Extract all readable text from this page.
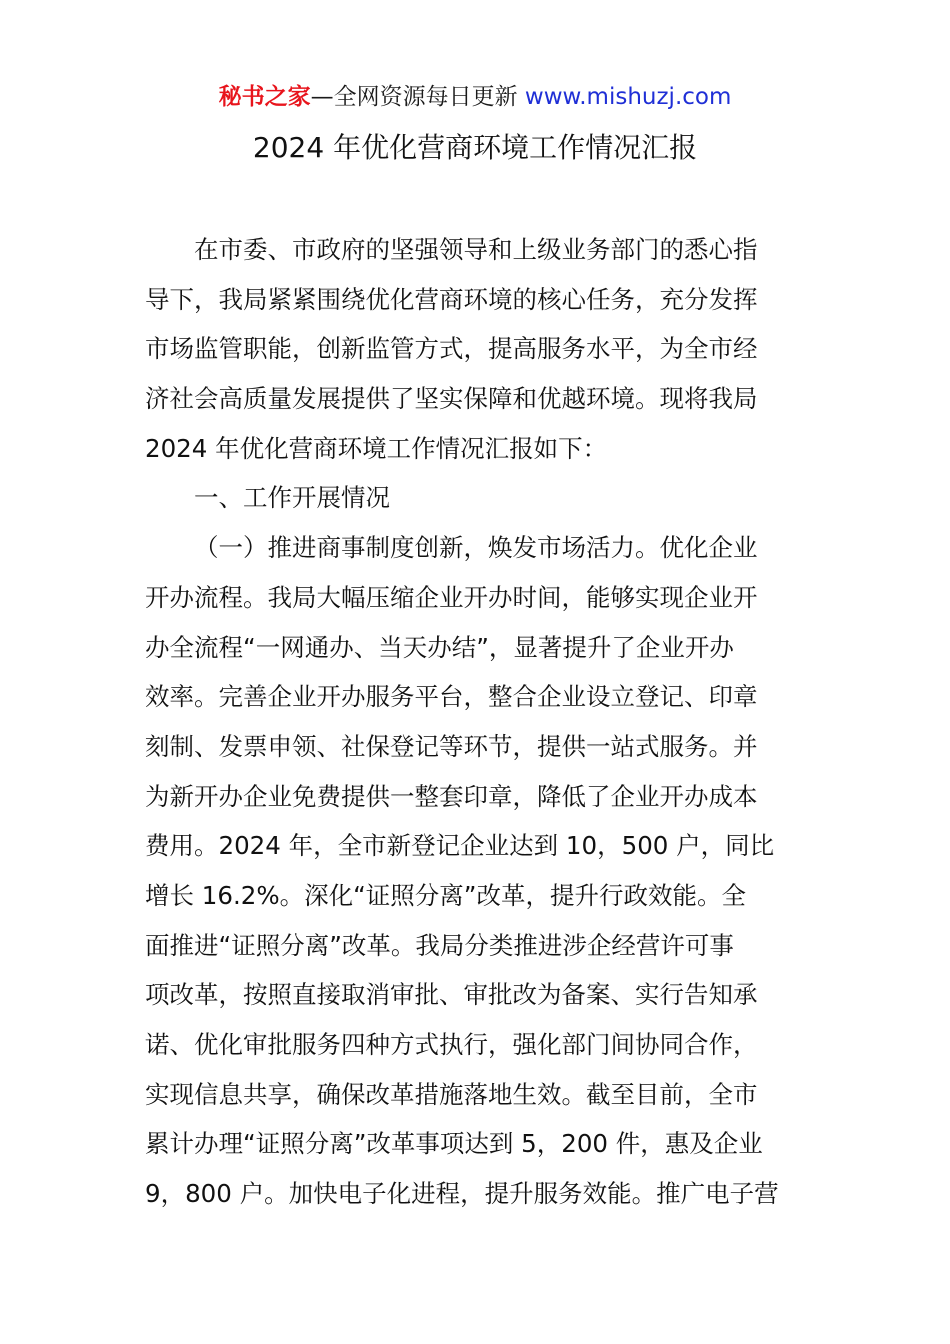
秘书之家—全网资源每日更新 www.mishuzj.com
2024 年优化营商环境工作情况汇报
在市委、市政府的坚强领导和上级业务部门的悉心指
导下，我局紧紧围绕优化营商环境的核心任务，充分发挥
市场监管职能，创新监管方式，提高服务水平，为全市经
济社会高质量发展提供了坚实保障和优越环境。现将我局
2024 年优化营商环境工作情况汇报如下：
一、工作开展情况
（一）推进商事制度创新，焕发市场活力。优化企业
开办流程。我局大幅压缩企业开办时间，能够实现企业开
办全流程“一网通办、当天办结”，显著提升了企业开办
效率。完善企业开办服务平台，整合企业设立登记、印章
刻制、发票申领、社保登记等环节，提供一站式服务。并
为新开办企业免费提供一整套印章，降低了企业开办成本
费用。2024 年，全市新登记企业达到 10，500 户，同比
增长 16.2%。深化“证照分离”改革，提升行政效能。全
面推进“证照分离”改革。我局分类推进涉企经营许可事
项改革，按照直接取消审批、审批改为备案、实行告知承
诺、优化审批服务四种方式执行，强化部门间协同合作，
实现信息共享，确保改革措施落地生效。截至目前，全市
累计办理“证照分离”改革事项达到 5，200 件，惠及企业
9，800 户。加快电子化进程，提升服务效能。推广电子营
